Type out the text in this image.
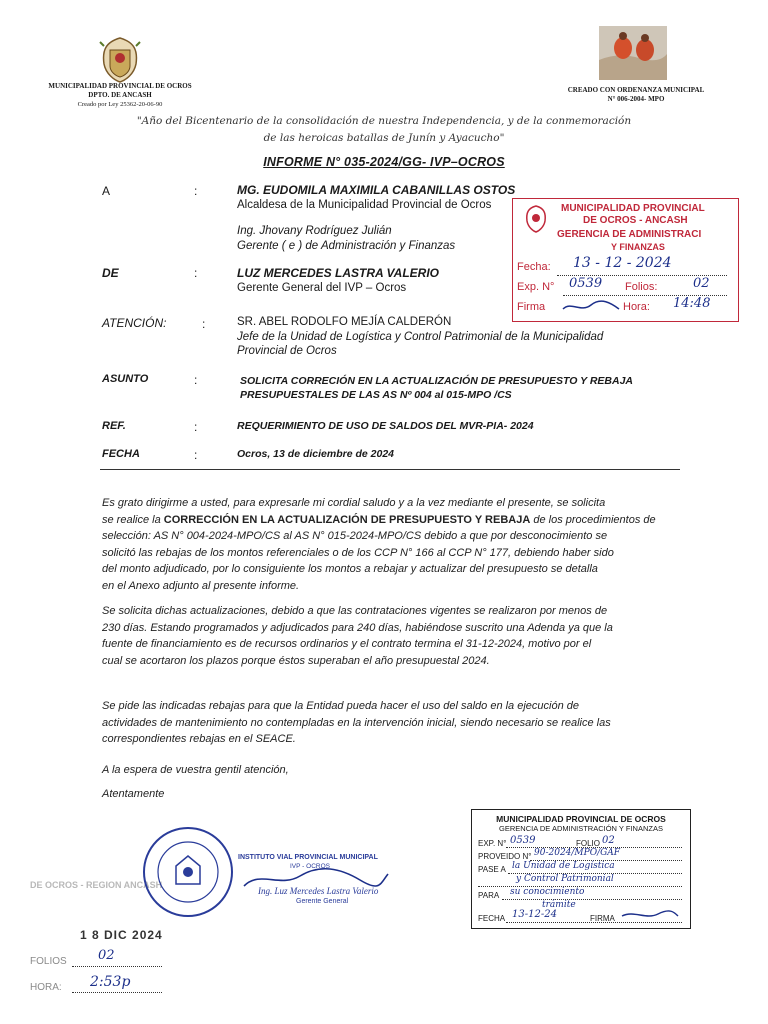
MUNICIPALIDAD PROVINCIAL DE OCROS
DPTO. DE ANCASH
Creado por Ley 25362-20-06-90
CREADO CON ORDENANZA MUNICIPAL
N° 006-2004- MPO
"Año del Bicentenario de la consolidación de nuestra Independencia, y de la conmemoración
de las heroicas batallas de Junín y Ayacucho"
INFORME N° 035-2024/GG- IVP–OCROS
A	:	MG. EUDOMILA MAXIMILA CABANILLAS OSTOS
Alcaldesa de la Municipalidad Provincial de Ocros
Ing. Jhovany Rodríguez Julián
Gerente ( e ) de Administración y Finanzas
DE	:	LUZ MERCEDES LASTRA VALERIO
Gerente General del IVP – Ocros
ATENCIÓN:	:	SR. ABEL RODOLFO MEJÍA CALDERÓN
Jefe de la Unidad de Logística y Control Patrimonial de la Municipalidad
Provincial de Ocros
ASUNTO	:	SOLICITA CORRECIÓN EN LA ACTUALIZACIÓN DE PRESUPUESTO Y REBAJA
PRESUPUESTALES DE LAS AS Nº 004 al 015-MPO /CS
REF.	:	REQUERIMIENTO DE USO DE SALDOS DEL MVR-PIA- 2024
FECHA	:	Ocros, 13 de diciembre de 2024
MUNICIPALIDAD PROVINCIAL
DE OCROS - ANCASH
GERENCIA DE ADMINISTRACI
Y FINANZAS
Fecha: 13 - 12 - 2024
Exp. N° 0539 Folios:	02
Firma	Hora: 14:48
Es grato dirigirme a usted, para expresarle mi cordial saludo y a la vez mediante el presente, se solicita
se realice la CORRECCIÓN EN LA ACTUALIZACIÓN DE PRESUPUESTO Y REBAJA de los procedimientos de
selección: AS N° 004-2024-MPO/CS al AS N° 015-2024-MPO/CS debido a que por desconocimiento se
solicitó las rebajas de los montos referenciales o de los CCP N° 166 al CCP N° 177, debiendo haber sido
del monto adjudicado, por lo consiguiente los montos a rebajar y actualizar del presupuesto se detalla
en el Anexo adjunto al presente informe.
Se solicita dichas actualizaciones, debido a que las contrataciones vigentes se realizaron por menos de
230 días. Estando programados y adjudicados para 240 días, habiéndose suscrito una Adenda ya que la
fuente de financiamiento es de recursos ordinarios y el contrato termina el 31-12-2024, motivo por el
cual se acortaron los plazos porque éstos superaban el año presupuestal 2024.
Se pide las indicadas rebajas para que la Entidad pueda hacer el uso del saldo en la ejecución de
actividades de mantenimiento no contempladas en la intervención inicial, siendo necesario se realice las
correspondientes rebajas en el SEACE.
A la espera de vuestra gentil atención,
Atentamente
DE OCROS - REGION ANCASH
1 8 DIC 2024
FOLIOS 02
HORA: 2:53p
INSTITUTO VIAL PROVINCIAL MUNICIPAL
IVP - OCROS
Ing. Luz Mercedes Lastra Valerio
Gerente General
MUNICIPALIDAD PROVINCIAL DE OCROS
GERENCIA DE ADMINISTRACIÓN Y FINANZAS
EXP. N° 0539	FOLIO 02
PROVEIDO N° 90-2024/MPO/GAF
PASE A la Unidad de Logística
y Control Patrimonial
PARA su conocimiento
trámite
FECHA 13-12-24	FIRMA
